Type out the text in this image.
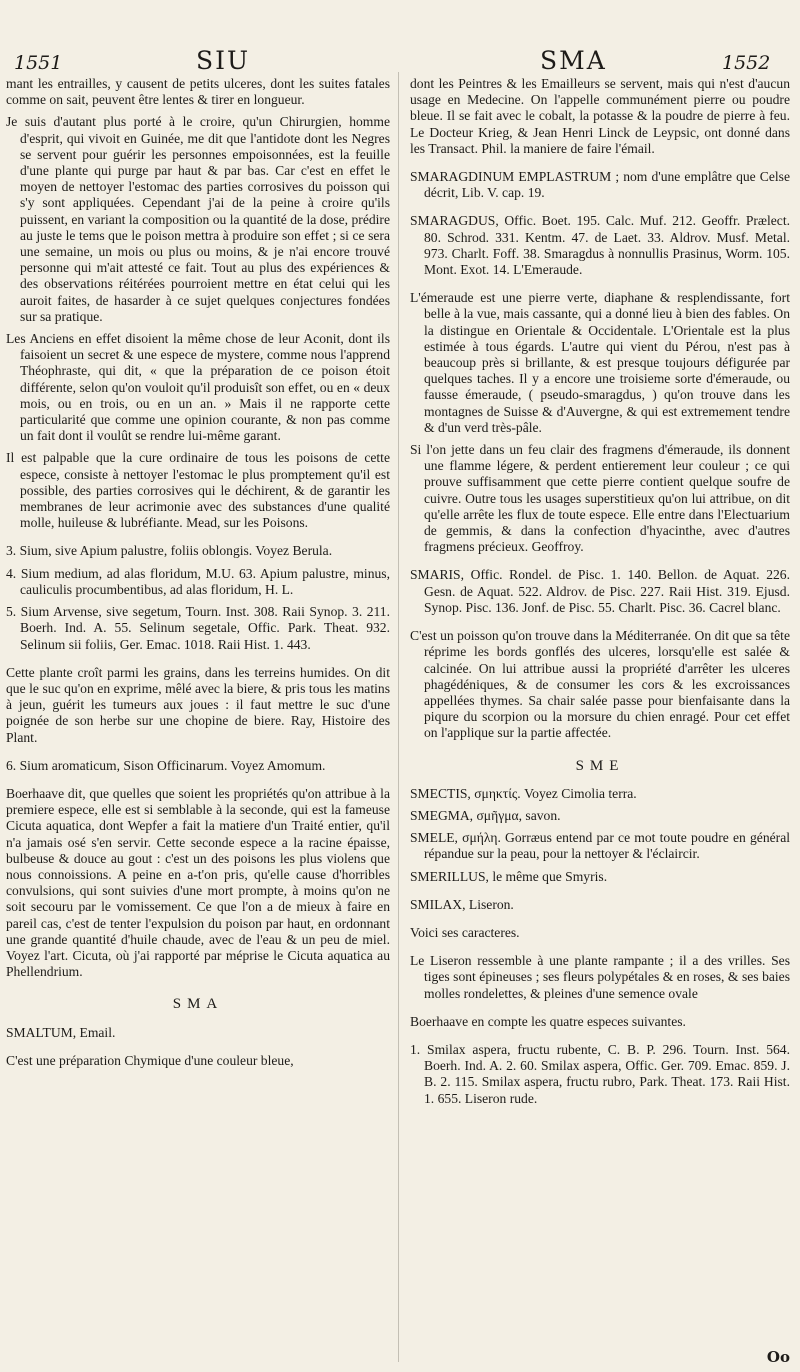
1551	SIU	SMA	1552

mant les entrailles, y causent de petits ulceres, dont les suites fatales comme on sait, peuvent être lentes & tirer en longueur.

Je suis d'autant plus porté à le croire, qu'un Chirurgien, homme d'esprit, qui vivoit en Guinée, me dit que l'antidote dont les Negres se servent pour guérir les personnes empoisonnées, est la feuille d'une plante qui purge par haut & par bas. Car c'est en effet le moyen de nettoyer l'estomac des parties corrosives du poisson qui s'y sont appliquées. Cependant j'ai de la peine à croire qu'ils puissent, en variant la composition ou la quantité de la dose, prédire au juste le tems que le poison mettra à produire son effet ; si ce sera une semaine, un mois ou plus ou moins, & je n'ai encore trouvé personne qui m'ait attesté ce fait. Tout au plus des expériences & des observations réitérées pourroient mettre en état celui qui les auroit faites, de hasarder à ce sujet quelques conjectures fondées sur sa pratique.

Les Anciens en effet disoient la même chose de leur Aconit, dont ils faisoient un secret & une espece de mystere, comme nous l'apprend Théophraste, qui dit, « que la préparation de ce poison étoit différente, selon qu'on vouloit qu'il produisît son effet, ou en « deux mois, ou en trois, ou en un an. » Mais il ne rapporte cette particularité que comme une opinion courante, & non pas comme un fait dont il voulût se rendre lui-même garant.

Il est palpable que la cure ordinaire de tous les poisons de cette espece, consiste à nettoyer l'estomac le plus promptement qu'il est possible, des parties corrosives qui le déchirent, & de garantir les membranes de leur acrimonie avec des substances d'une qualité molle, huileuse & lubréfiante. Mead, sur les Poisons.

3. Sium, sive Apium palustre, foliis oblongis. Voyez Berula.

4. Sium medium, ad alas floridum, M.U. 63. Apium palustre, minus, cauliculis procumbentibus, ad alas floridum, H. L.

5. Sium Arvense, sive segetum, Tourn. Inst. 308. Raii Synop. 3. 211. Boerh. Ind. A. 55. Selinum segetale, Offic. Park. Theat. 932. Selinum sii foliis, Ger. Emac. 1018. Raii Hist. 1. 443.

Cette plante croît parmi les grains, dans les terreins humides. On dit que le suc qu'on en exprime, mêlé avec la biere, & pris tous les matins à jeun, guérit les tumeurs aux joues : il faut mettre le suc d'une poignée de son herbe sur une chopine de biere. Ray, Histoire des Plant.

6. Sium aromaticum, Sison Officinarum. Voyez Amomum.

Boerhaave dit, que quelles que soient les propriétés qu'on attribue à la premiere espece, elle est si semblable à la seconde, qui est la fameuse Cicuta aquatica, dont Wepfer a fait la matiere d'un Traité entier, qu'il n'a jamais osé s'en servir. Cette seconde espece a la racine épaisse, bulbeuse & douce au gout : c'est un des poisons les plus violens que nous connoissions. A peine en a-t'on pris, qu'elle cause d'horribles convulsions, qui sont suivies d'une mort prompte, à moins qu'on ne soit secouru par le vomissement. Ce que l'on a de mieux à faire en pareil cas, c'est de tenter l'expulsion du poison par haut, en ordonnant une grande quantité d'huile chaude, avec de l'eau & un peu de miel. Voyez l'art. Cicuta, où j'ai rapporté par méprise le Cicuta aquatica au Phellendrium.

SMA

SMALTUM, Email.

C'est une préparation Chymique d'une couleur bleue,

dont les Peintres & les Emailleurs se servent, mais qui n'est d'aucun usage en Medecine. On l'appelle communément pierre ou poudre bleue. Il se fait avec le cobalt, la potasse & la poudre de pierre à feu. Le Docteur Krieg, & Jean Henri Linck de Leypsic, ont donné dans les Transact. Phil. la maniere de faire l'émail.

SMARAGDINUM EMPLASTRUM ; nom d'une emplâtre que Celse décrit, Lib. V. cap. 19.

SMARAGDUS, Offic. Boet. 195. Calc. Muf. 212. Geoffr. Prælect. 80. Schrod. 331. Kentm. 47. de Laet. 33. Aldrov. Musf. Metal. 973. Charlt. Foff. 38. Smaragdus à nonnullis Prasinus, Worm. 105. Mont. Exot. 14. L'Emeraude.

L'émeraude est une pierre verte, diaphane & resplendissante, fort belle à la vue, mais cassante, qui a donné lieu à bien des fables. On la distingue en Orientale & Occidentale. L'Orientale est la plus estimée à tous égards. L'autre qui vient du Pérou, n'est pas à beaucoup près si brillante, & est presque toujours défigurée par quelques taches. Il y a encore une troisieme sorte d'émeraude, ou fausse émeraude, ( pseudo-smaragdus, ) qu'on trouve dans les montagnes de Suisse & d'Auvergne, & qui est extremement tendre & d'un verd très-pâle.

Si l'on jette dans un feu clair des fragmens d'émeraude, ils donnent une flamme légere, & perdent entierement leur couleur ; ce qui prouve suffisamment que cette pierre contient quelque soufre de cuivre. Outre tous les usages superstitieux qu'on lui attribue, on dit qu'elle arrête les flux de toute espece. Elle entre dans l'Electuarium de gemmis, & dans la confection d'hyacinthe, avec d'autres fragmens précieux. Geoffroy.

SMARIS, Offic. Rondel. de Pisc. 1. 140. Bellon. de Aquat. 226. Gesn. de Aquat. 522. Aldrov. de Pisc. 227. Raii Hist. 319. Ejusd. Synop. Pisc. 136. Jonf. de Pisc. 55. Charlt. Pisc. 36. Cacrel blanc.

C'est un poisson qu'on trouve dans la Méditerranée. On dit que sa tête réprime les bords gonflés des ulceres, lorsqu'elle est salée & calcinée. On lui attribue aussi la propriété d'arrêter les ulceres phagédéniques, & de consumer les cors & les excroissances appellées thymes. Sa chair salée passe pour bienfaisante dans la piqure du scorpion ou la morsure du chien enragé. Pour cet effet on l'applique sur la partie affectée.

SME

SMECTIS, σμηκτίς. Voyez Cimolia terra.

SMEGMA, σμῆγμα, savon.

SMELE, σμήλη. Gorræus entend par ce mot toute poudre en général répandue sur la peau, pour la nettoyer & l'éclaircir.

SMERILLUS, le même que Smyris.

SMILAX, Liseron.

Voici ses caracteres.

Le Liseron ressemble à une plante rampante ; il a des vrilles. Ses tiges sont épineuses ; ses fleurs polypétales & en roses, & ses baies molles rondelettes, & pleines d'une semence ovale

Boerhaave en compte les quatre especes suivantes.

1. Smilax aspera, fructu rubente, C. B. P. 296. Tourn. Inst. 564. Boerh. Ind. A. 2. 60. Smilax aspera, Offic. Ger. 709. Emac. 859. J. B. 2. 115. Smilax aspera, fructu rubro, Park. Theat. 173. Raii Hist. 1. 655. Liseron rude.

Oo
